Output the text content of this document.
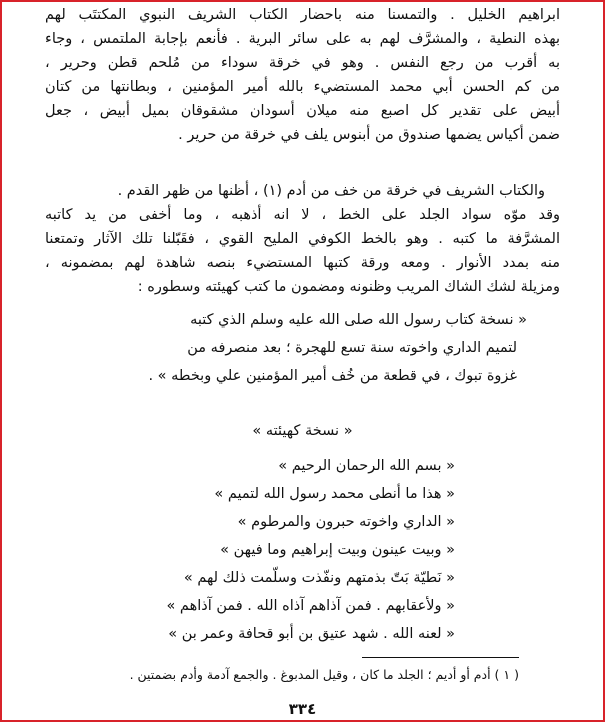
ابراهيم الخليل . والتمسنا منه باحضار الكتاب الشريف النبوي المكتتَب لهم
بهذه النطية ، والمشرَّف لهم به على سائر البرية . فأنعم بإجابة الملتمس ، وجاء
به أقرب من رجع النفس . وهو في خرقة سوداء من مُلحم قطن وحرير ،
من كم الحسن أبي محمد المستضيء بالله أمير المؤمنين ، وبطانتها من كتان
أبيض على تقدير كل اصبع منه ميلان أسودان مشقوقان بميل أبيض ، جعل
ضمن أكياس يضمها صندوق من أبنوس يلف في خرقة من حرير .
والكتاب الشريف في خرقة من خف من أدم (١) ، أظنها من ظهر القدم .
وقد موّه سواد الجلد على الخط ، لا انه أذهبه ، وما أخفى من يد كاتبه
المشرَّفة ما كتبه . وهو بالخط الكوفي المليح القوي ، فقَبّلنا تلك الآثار وتمتعنا
منه بمدد الأنوار . ومعه ورقة كتبها المستضيء بنصه شاهدة لهم بمضمونه ،
ومزيلة لشك الشاك المريب وظنونه ومضمون ما كتب كهيئته وسطوره :
« نسخة كتاب رسول الله صلى الله عليه وسلم الذي كتبه
لتميم الداري واخوته سنة تسع للهجرة ؛ بعد منصرفه من
غزوة تبوك ، في قطعة من خُف أمير المؤمنين علي وبخطه » .
« نسخة كهيئته »
« بسم الله الرحمان الرحيم »
« هذا ما أنطى محمد رسول الله لتميم »
« الداري واخوته حبرون والمرطوم »
« وبيت عينون وبيت إبراهيم وما فيهن »
« نَطيّة بَتّ بذمتهم ونفّذت وسلّمت ذلك لهم »
« ولأعقابهم . فمن آذاهم آذاه الله . فمن آذاهم »
« لعنه الله . شهد عتيق بن أبو قحافة وعمر بن »
( ١ ) أدم أو أديم ؛ الجلد ما كان ، وقيل المدبوغ . والجمع آدمة وأدم بضمتين .
٣٣٤
